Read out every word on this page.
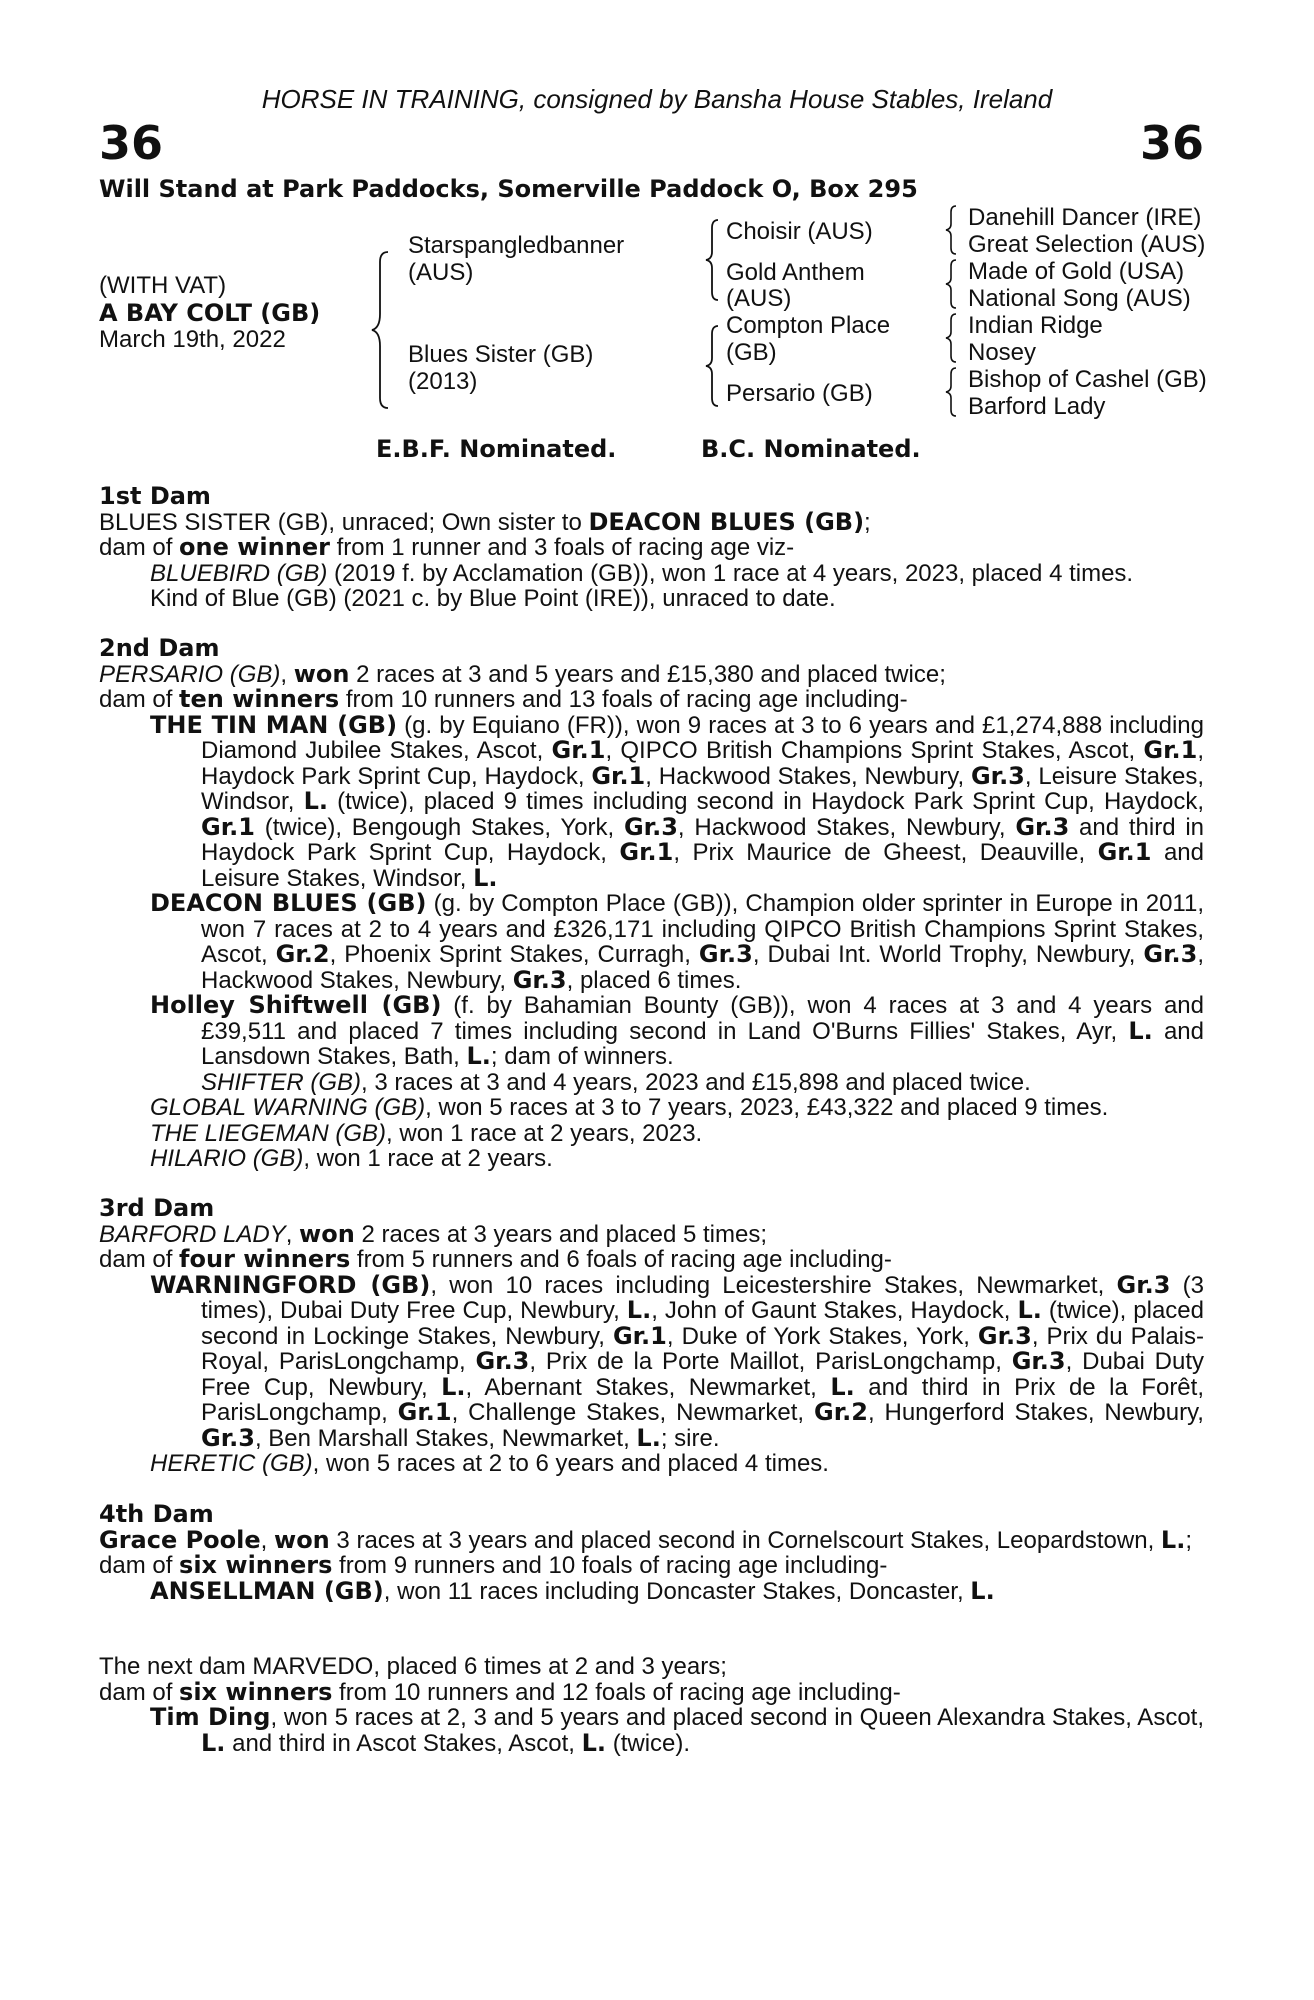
HORSE IN TRAINING, consigned by Bansha House Stables, Ireland
36	36
Will Stand at Park Paddocks, Somerville Paddock O, Box 295
(WITH VAT)
A BAY COLT (GB)
March 19th, 2022
Starspangledbanner
(AUS)
Blues Sister (GB)
(2013)
Choisir (AUS)
Gold Anthem
(AUS)
Compton Place
(GB)
Persario (GB)
Danehill Dancer (IRE)
Great Selection (AUS)
Made of Gold (USA)
National Song (AUS)
Indian Ridge
Nosey
Bishop of Cashel (GB)
Barford Lady
E.B.F. Nominated.	B.C. Nominated.
1st Dam
BLUES SISTER (GB), unraced; Own sister to DEACON BLUES (GB);
dam of one winner from 1 runner and 3 foals of racing age viz-
BLUEBIRD (GB) (2019 f. by Acclamation (GB)), won 1 race at 4 years, 2023, placed 4 times.
Kind of Blue (GB) (2021 c. by Blue Point (IRE)), unraced to date.
2nd Dam
PERSARIO (GB), won 2 races at 3 and 5 years and £15,380 and placed twice;
dam of ten winners from 10 runners and 13 foals of racing age including-
THE TIN MAN (GB) (g. by Equiano (FR)), won 9 races at 3 to 6 years and £1,274,888 including Diamond Jubilee Stakes, Ascot, Gr.1, QIPCO British Champions Sprint Stakes, Ascot, Gr.1, Haydock Park Sprint Cup, Haydock, Gr.1, Hackwood Stakes, Newbury, Gr.3, Leisure Stakes, Windsor, L. (twice), placed 9 times including second in Haydock Park Sprint Cup, Haydock, Gr.1 (twice), Bengough Stakes, York, Gr.3, Hackwood Stakes, Newbury, Gr.3 and third in Haydock Park Sprint Cup, Haydock, Gr.1, Prix Maurice de Gheest, Deauville, Gr.1 and Leisure Stakes, Windsor, L.
DEACON BLUES (GB) (g. by Compton Place (GB)), Champion older sprinter in Europe in 2011, won 7 races at 2 to 4 years and £326,171 including QIPCO British Champions Sprint Stakes, Ascot, Gr.2, Phoenix Sprint Stakes, Curragh, Gr.3, Dubai Int. World Trophy, Newbury, Gr.3, Hackwood Stakes, Newbury, Gr.3, placed 6 times.
Holley Shiftwell (GB) (f. by Bahamian Bounty (GB)), won 4 races at 3 and 4 years and £39,511 and placed 7 times including second in Land O'Burns Fillies' Stakes, Ayr, L. and Lansdown Stakes, Bath, L.; dam of winners.
SHIFTER (GB), 3 races at 3 and 4 years, 2023 and £15,898 and placed twice.
GLOBAL WARNING (GB), won 5 races at 3 to 7 years, 2023, £43,322 and placed 9 times.
THE LIEGEMAN (GB), won 1 race at 2 years, 2023.
HILARIO (GB), won 1 race at 2 years.
3rd Dam
BARFORD LADY, won 2 races at 3 years and placed 5 times;
dam of four winners from 5 runners and 6 foals of racing age including-
WARNINGFORD (GB), won 10 races including Leicestershire Stakes, Newmarket, Gr.3 (3 times), Dubai Duty Free Cup, Newbury, L., John of Gaunt Stakes, Haydock, L. (twice), placed second in Lockinge Stakes, Newbury, Gr.1, Duke of York Stakes, York, Gr.3, Prix du Palais-Royal, ParisLongchamp, Gr.3, Prix de la Porte Maillot, ParisLongchamp, Gr.3, Dubai Duty Free Cup, Newbury, L., Abernant Stakes, Newmarket, L. and third in Prix de la Forêt, ParisLongchamp, Gr.1, Challenge Stakes, Newmarket, Gr.2, Hungerford Stakes, Newbury, Gr.3, Ben Marshall Stakes, Newmarket, L.; sire.
HERETIC (GB), won 5 races at 2 to 6 years and placed 4 times.
4th Dam
Grace Poole, won 3 races at 3 years and placed second in Cornelscourt Stakes, Leopardstown, L.;
dam of six winners from 9 runners and 10 foals of racing age including-
ANSELLMAN (GB), won 11 races including Doncaster Stakes, Doncaster, L.
The next dam MARVEDO, placed 6 times at 2 and 3 years;
dam of six winners from 10 runners and 12 foals of racing age including-
Tim Ding, won 5 races at 2, 3 and 5 years and placed second in Queen Alexandra Stakes, Ascot, L. and third in Ascot Stakes, Ascot, L. (twice).
